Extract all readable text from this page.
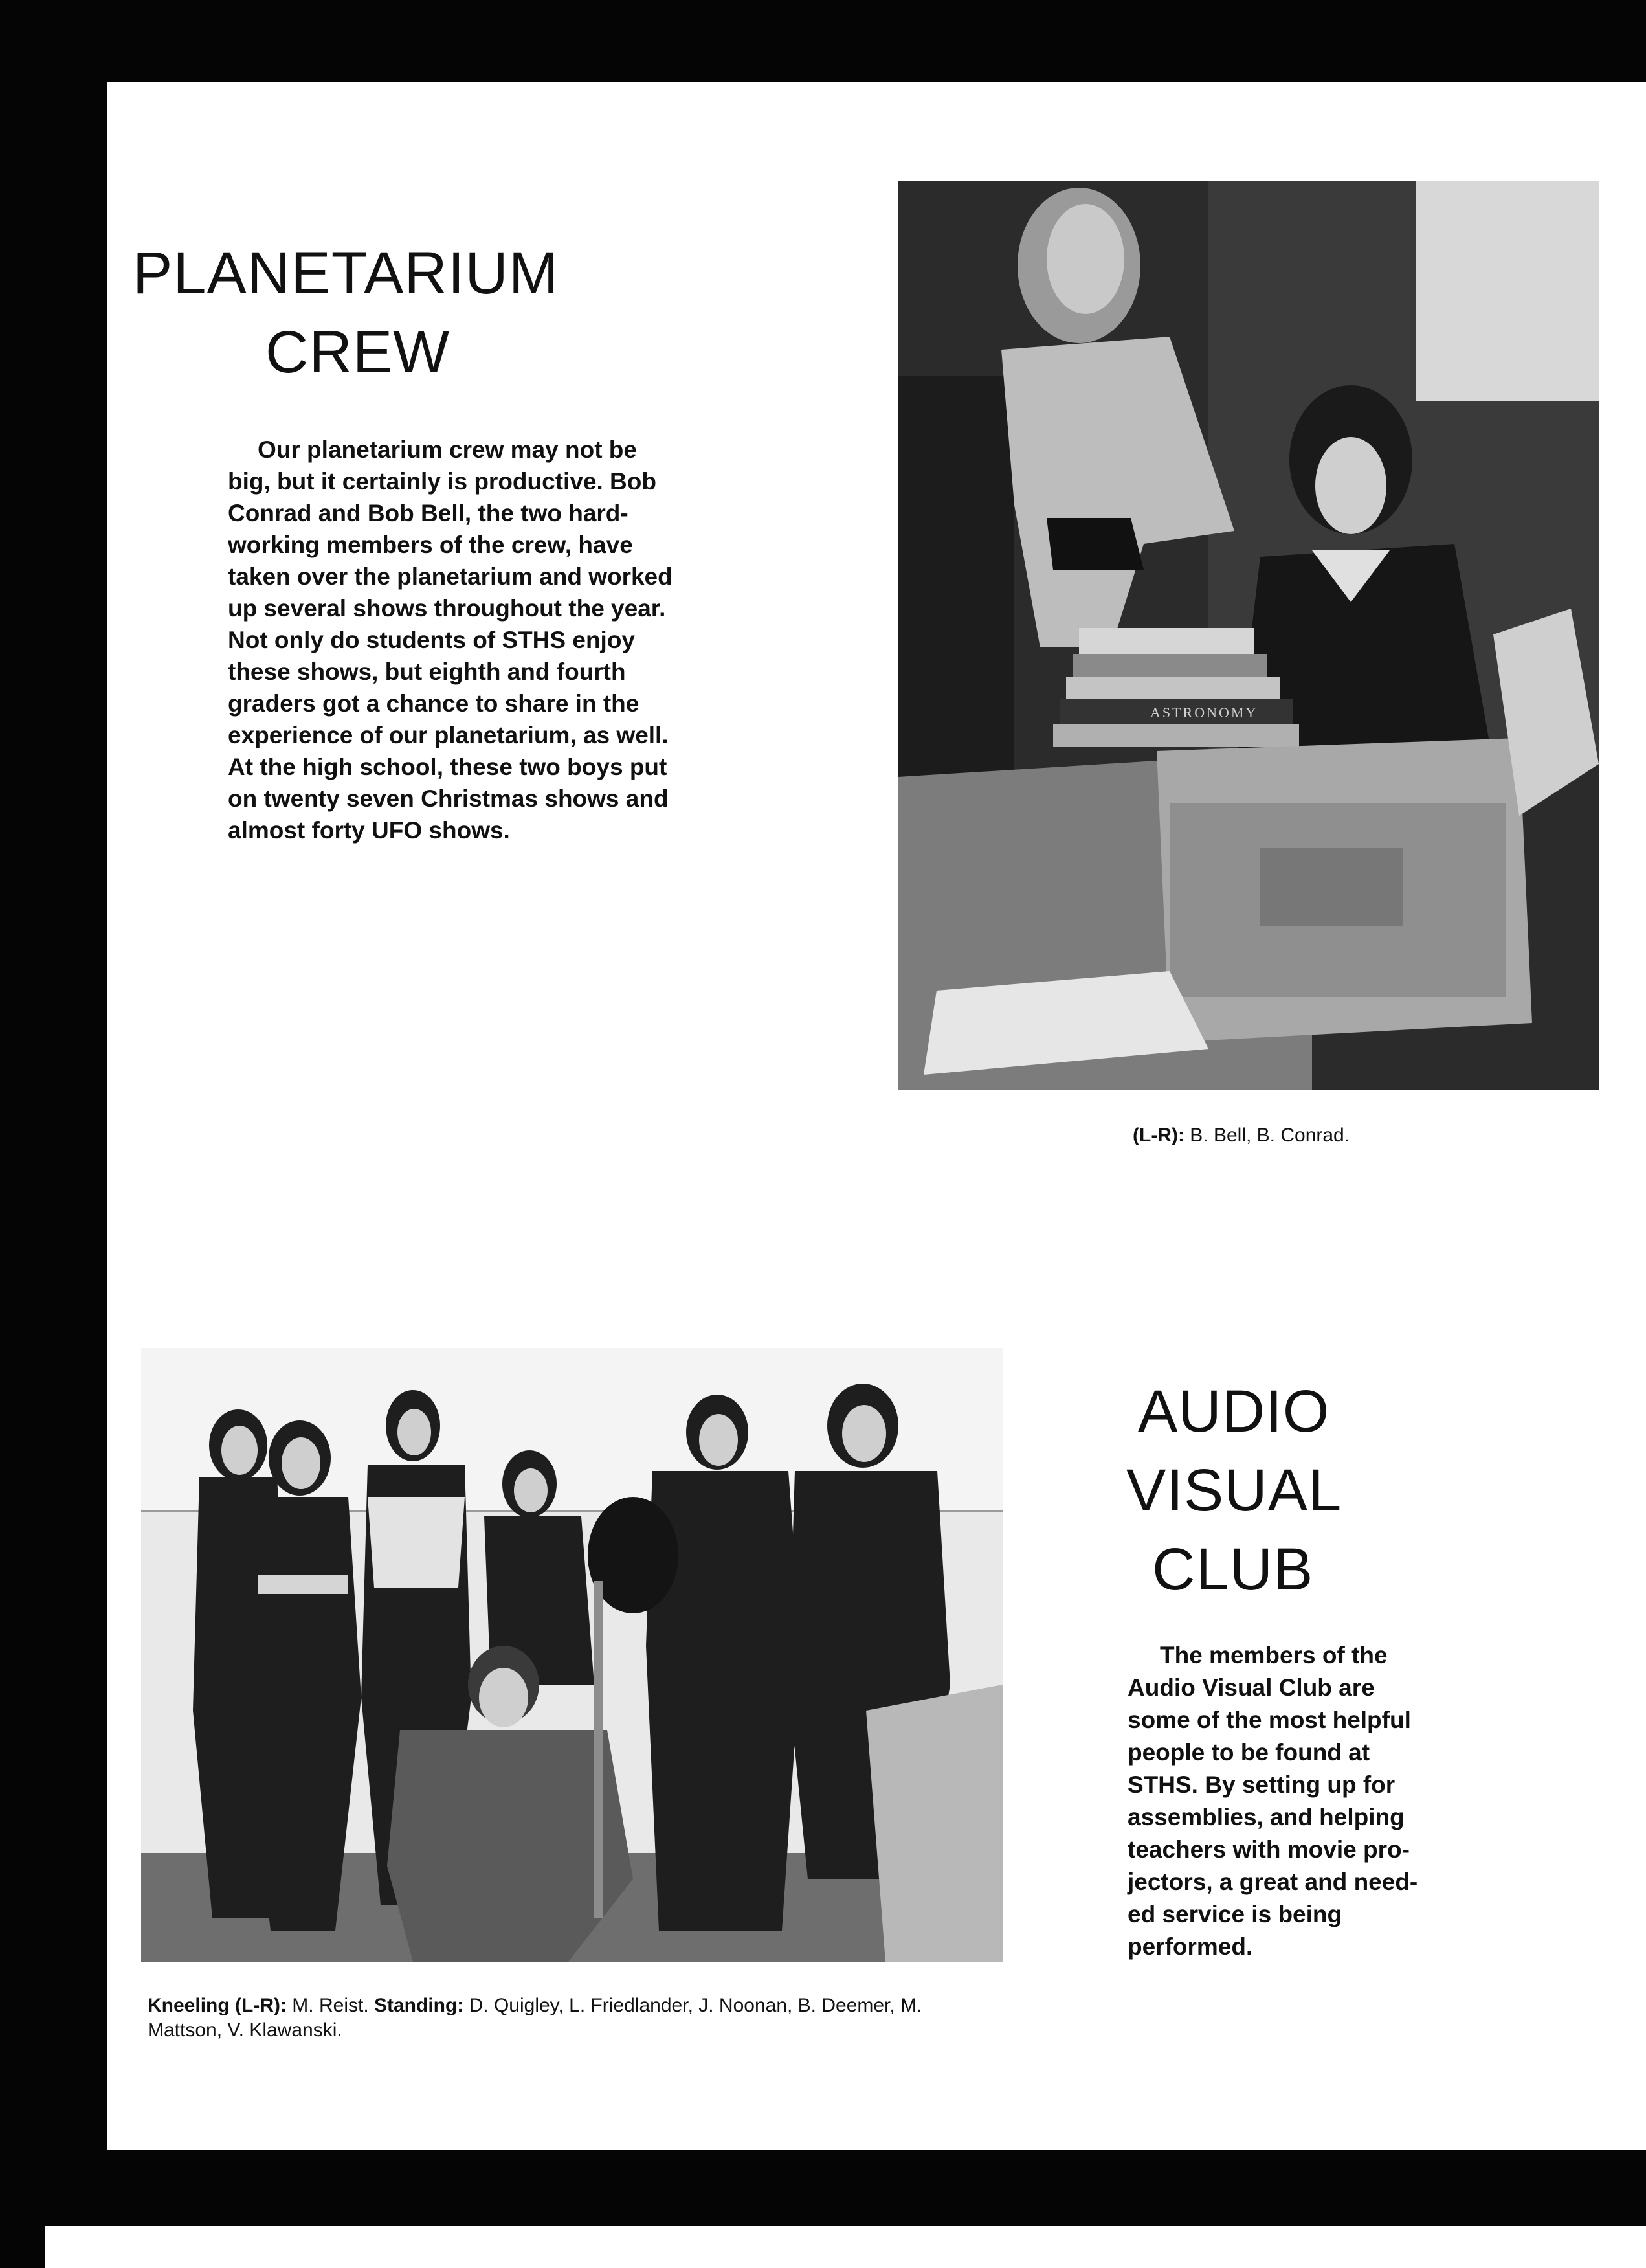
PLANETARIUM
CREW
Our planetarium crew may not be
big, but it certainly is productive. Bob
Conrad and Bob Bell, the two hard-
working members of the crew, have
taken over the planetarium and worked
up several shows throughout the year.
Not only do students of STHS enjoy
these shows, but eighth and fourth
graders got a chance to share in the
experience of our planetarium, as well.
At the high school, these two boys put
on twenty seven Christmas shows and
almost forty UFO shows.
ASTRONOMY
(L-R): B. Bell, B. Conrad.
AUDIO
VISUAL
CLUB
The members of the
Audio Visual Club are
some of the most helpful
people to be found at
STHS. By setting up for
assemblies, and helping
teachers with movie pro-
jectors, a great and need-
ed service is being
performed.
Kneeling (L-R): M. Reist. Standing: D. Quigley, L. Friedlander, J. Noonan, B. Deemer, M.
Mattson, V. Klawanski.
